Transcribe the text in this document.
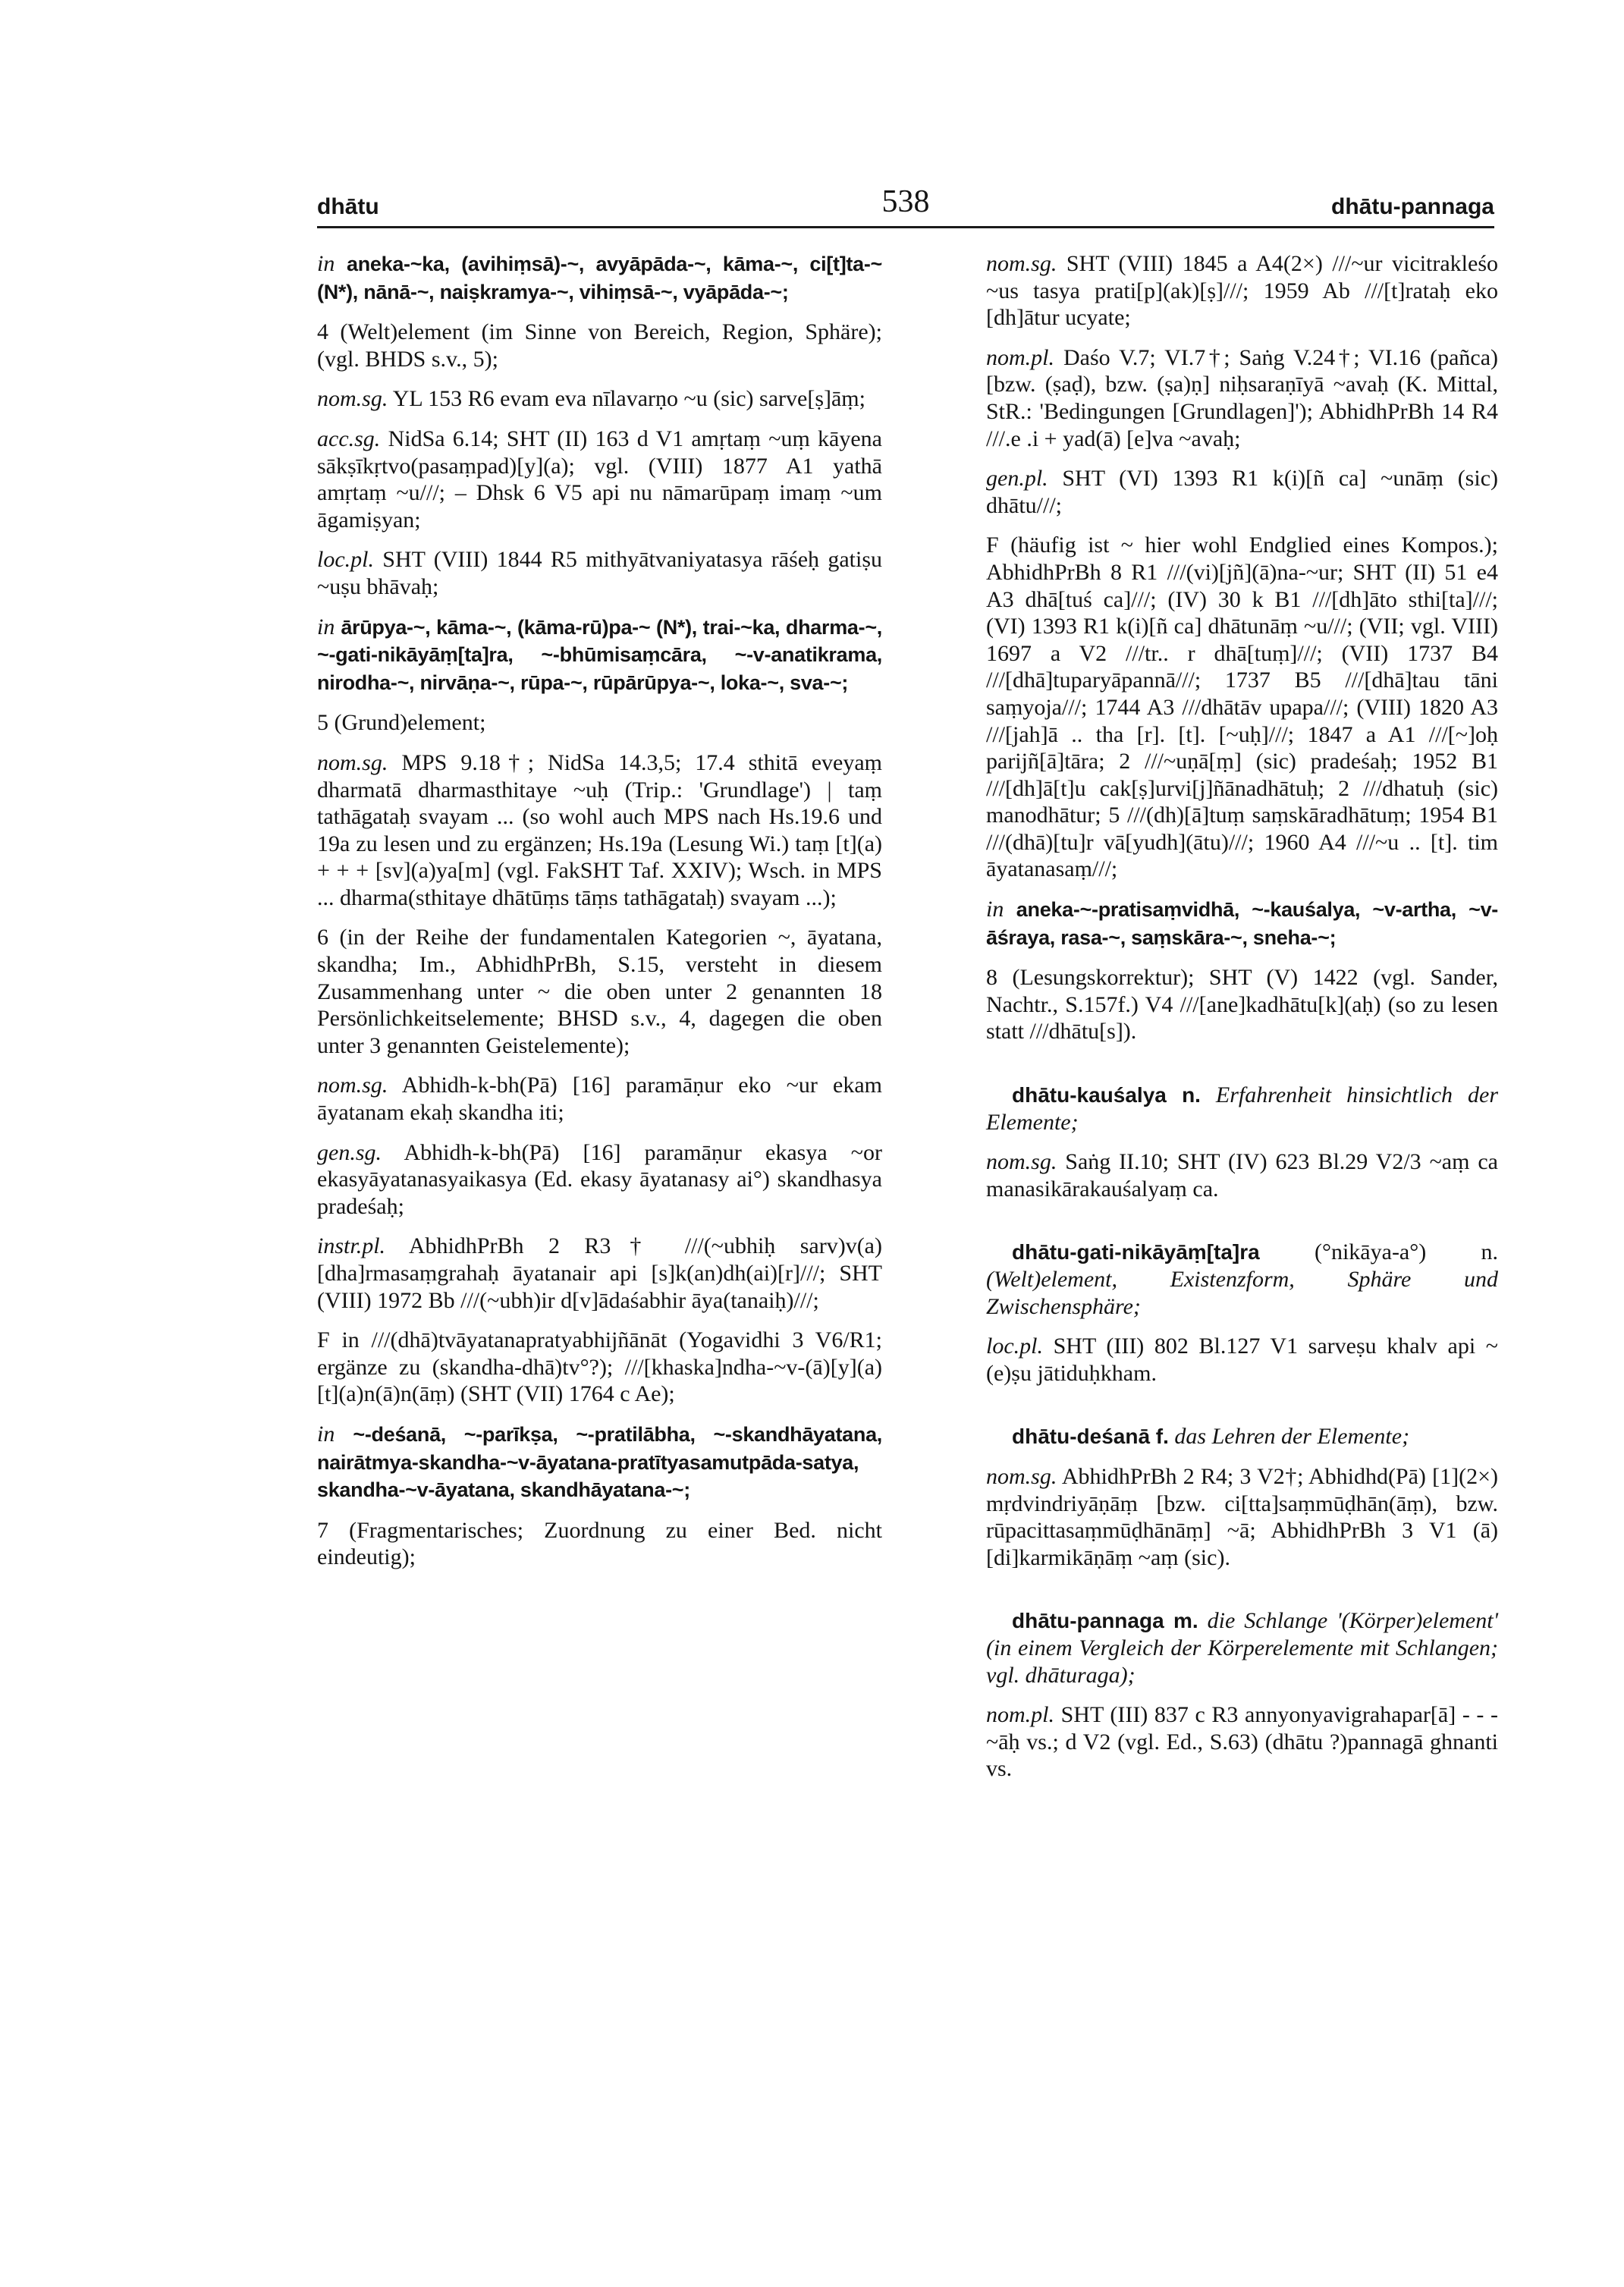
dhātu	538	dhātu-pannaga

in aneka-~ka, (avihiṃsā)-~, avyāpāda-~, kāma-~, ci[t]ta-~ (N*), nānā-~, naiṣkramya-~, vihiṃsā-~, vyāpāda-~;

4 (Welt)element (im Sinne von Bereich, Region, Sphäre); (vgl. BHDS s.v., 5);

nom.sg. YL 153 R6 evam eva nīlavarṇo ~u (sic) sarve[ṣ]āṃ;

acc.sg. NidSa 6.14; SHT (II) 163 d V1 amṛtaṃ ~uṃ kāyena sākṣīkṛtvo(pasaṃpad)[y](a); vgl. (VIII) 1877 A1 yathā amṛtaṃ ~u///; – Dhsk 6 V5 api nu nāmarūpaṃ imaṃ ~um āgamiṣyan;

loc.pl. SHT (VIII) 1844 R5 mithyātvaniyatasya rāśeḥ gatiṣu ~uṣu bhāvaḥ;

in ārūpya-~, kāma-~, (kāma-rū)pa-~ (N*), trai-~ka, dharma-~, ~-gati-nikāyāṃ[ta]ra, ~-bhūmisaṃcāra, ~-v-anatikrama, nirodha-~, nirvāṇa-~, rūpa-~, rūpārūpya-~, loka-~, sva-~;

5 (Grund)element;

nom.sg. MPS 9.18†; NidSa 14.3,5; 17.4 sthitā eveyaṃ dharmatā dharmasthitaye ~uḥ (Trip.: 'Grundlage') | taṃ tathāgataḥ svayam ... (so wohl auch MPS nach Hs.19.6 und 19a zu lesen und zu ergänzen; Hs.19a (Lesung Wi.) taṃ [t](a) + + + [sv](a)ya[m] (vgl. FakSHT Taf. XXIV); Wsch. in MPS ... dharma(sthitaye dhātūṃs tāṃs tathāgataḥ) svayam ...);

6 (in der Reihe der fundamentalen Kategorien ~, āyatana, skandha; Im., AbhidhPrBh, S.15, versteht in diesem Zusammenhang unter ~ die oben unter 2 genannten 18 Persönlichkeitselemente; BHSD s.v., 4, dagegen die oben unter 3 genannten Geistelemente);

nom.sg. Abhidh-k-bh(Pā) [16] paramāṇur eko ~ur ekam āyatanam ekaḥ skandha iti;

gen.sg. Abhidh-k-bh(Pā) [16] paramāṇur ekasya ~or ekasyāyatanasyaikasya (Ed. ekasy āyatanasy ai°) skandhasya pradeśaḥ;

instr.pl. AbhidhPrBh 2 R3† ///(~ubhiḥ sarv)v(a)[dha]rmasaṃgrahaḥ āyatanair api [s]k(an)dh(ai)[r]///; SHT (VIII) 1972 Bb ///(~ubh)ir d[v]ādaśabhir āya(tanaiḥ)///;

F in ///(dhā)tvāyatanapratyabhijñānāt (Yogavidhi 3 V6/R1; ergänze zu (skandha-dhā)tv°?); ///[khaska]ndha-~v-(ā)[y](a)[t](a)n(ā)n(āṃ) (SHT (VII) 1764 c Ae);

in ~-deśanā, ~-parīkṣa, ~-pratilābha, ~-skandhāyatana, nairātmya-skandha-~v-āyatana-pratītyasamutpāda-satya, skandha-~v-āyatana, skandhāyatana-~;

7 (Fragmentarisches; Zuordnung zu einer Bed. nicht eindeutig);

nom.sg. SHT (VIII) 1845 a A4(2×) ///~ur vicitrakleśo ~us tasya prati[p](ak)[ṣ]///; 1959 Ab ///[t]rataḥ eko [dh]ātur ucyate;

nom.pl. Daśo V.7; VI.7†; Saṅg V.24†; VI.16 (pañca) [bzw. (ṣaḍ), bzw. (ṣa)ṇ] niḥsaraṇīyā ~avaḥ (K. Mittal, StR.: 'Bedingungen [Grundlagen]'); AbhidhPrBh 14 R4 ///.e .i + yad(ā) [e]va ~avaḥ;

gen.pl. SHT (VI) 1393 R1 k(i)[ñ ca] ~unāṃ (sic) dhātu///;

F (häufig ist ~ hier wohl Endglied eines Kompos.); AbhidhPrBh 8 R1 ///(vi)[jñ](ā)na-~ur; SHT (II) 51 e4 A3 dhā[tuś ca]///; (IV) 30 k B1 ///[dh]āto sthi[ta]///; (VI) 1393 R1 k(i)[ñ ca] dhātunāṃ ~u///; (VII; vgl. VIII) 1697 a V2 ///tr.. r dhā[tuṃ]///; (VII) 1737 B4 ///[dhā]tuparyāpannā///; 1737 B5 ///[dhā]tau tāni saṃyoja///; 1744 A3 ///dhātāv upapa///; (VIII) 1820 A3 ///[jah]ā .. tha [r]. [t]. [~uḥ]///; 1847 a A1 ///[~]oḥ parijñ[ā]tāra; 2 ///~uṇā[ṃ] (sic) pradeśaḥ; 1952 B1 ///[dh]ā[t]u cak[ṣ]urvi[j]ñānadhātuḥ; 2 ///dhatuḥ (sic) manodhātur; 5 ///(dh)[ā]tuṃ saṃskāradhātuṃ; 1954 B1 ///(dhā)[tu]r vā[yudh](ātu)///; 1960 A4 ///~u .. [t]. tim āyatanasaṃ///;

in aneka-~-pratisaṃvidhā, ~-kauśalya, ~v-artha, ~v-āśraya, rasa-~, saṃskāra-~, sneha-~;

8 (Lesungskorrektur); SHT (V) 1422 (vgl. Sander, Nachtr., S.157f.) V4 ///[ane]kadhātu[k](aḥ) (so zu lesen statt ///dhātu[s]).

dhātu-kauśalya n. Erfahrenheit hinsichtlich der Elemente;

nom.sg. Saṅg II.10; SHT (IV) 623 Bl.29 V2/3 ~aṃ ca manasikārakauśalyaṃ ca.

dhātu-gati-nikāyāṃ[ta]ra (°nikāya-a°) n. (Welt)element, Existenzform, Sphäre und Zwischensphäre;

loc.pl. SHT (III) 802 Bl.127 V1 sarveṣu khalv api ~(e)ṣu jātiduḥkham.

dhātu-deśanā f. das Lehren der Elemente;

nom.sg. AbhidhPrBh 2 R4; 3 V2†; Abhidhd(Pā) [1](2×) mṛdvindriyāṇāṃ [bzw. ci[tta]saṃmūḍhān(āṃ), bzw. rūpacittasaṃmūḍhānāṃ] ~ā; AbhidhPrBh 3 V1 (ā)[di]karmikāṇāṃ ~aṃ (sic).

dhātu-pannaga m. die Schlange '(Körper)element' (in einem Vergleich der Körperelemente mit Schlangen; vgl. dhāturaga);

nom.pl. SHT (III) 837 c R3 annyonyavigrahapar[ā] - - - ~āḥ vs.; d V2 (vgl. Ed., S.63) (dhātu ?)pannagā ghnanti vs.
